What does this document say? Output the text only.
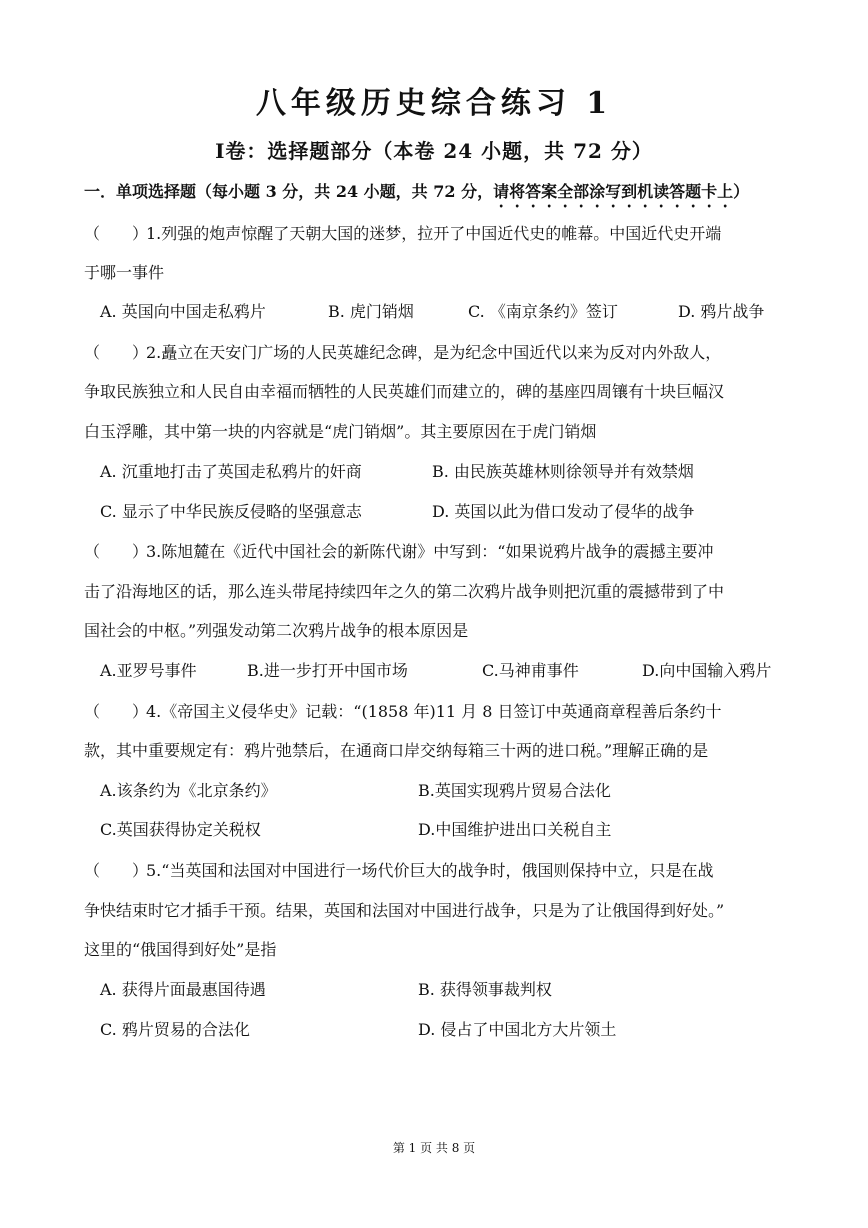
八年级历史综合练习 1
Ⅰ卷：选择题部分（本卷 24 小题，共 72 分）
一．单项选择题（每小题 3 分，共 24 小题，共 72 分，请将答案全部涂写到机读答题卡上）
（　　）1.列强的炮声惊醒了天朝大国的迷梦，拉开了中国近代史的帷幕。中国近代史开端
于哪一事件
A. 英国向中国走私鸦片	B. 虎门销烟	C. 《南京条约》签订	D. 鸦片战争
（　　）2.矗立在天安门广场的人民英雄纪念碑，是为纪念中国近代以来为反对内外敌人，
争取民族独立和人民自由幸福而牺牲的人民英雄们而建立的，碑的基座四周镶有十块巨幅汉
白玉浮雕，其中第一块的内容就是“虎门销烟”。其主要原因在于虎门销烟
A. 沉重地打击了英国走私鸦片的奸商	B. 由民族英雄林则徐领导并有效禁烟
C. 显示了中华民族反侵略的坚强意志	D. 英国以此为借口发动了侵华的战争
（　　）3.陈旭麓在《近代中国社会的新陈代谢》中写到：“如果说鸦片战争的震撼主要冲
击了沿海地区的话，那么连头带尾持续四年之久的第二次鸦片战争则把沉重的震撼带到了中
国社会的中枢。”列强发动第二次鸦片战争的根本原因是
A.亚罗号事件	B.进一步打开中国市场	C.马神甫事件	D.向中国输入鸦片
（　　）4.《帝国主义侵华史》记载：“(1858 年)11 月 8 日签订中英通商章程善后条约十
款，其中重要规定有：鸦片弛禁后，在通商口岸交纳每箱三十两的进口税。”理解正确的是
A.该条约为《北京条约》	B.英国实现鸦片贸易合法化
C.英国获得协定关税权	D.中国维护进出口关税自主
（　　）5.“当英国和法国对中国进行一场代价巨大的战争时，俄国则保持中立，只是在战
争快结束时它才插手干预。结果，英国和法国对中国进行战争，只是为了让俄国得到好处。”
这里的“俄国得到好处”是指
A. 获得片面最惠国待遇	B. 获得领事裁判权
C. 鸦片贸易的合法化	D. 侵占了中国北方大片领土
第 1 页 共 8 页
